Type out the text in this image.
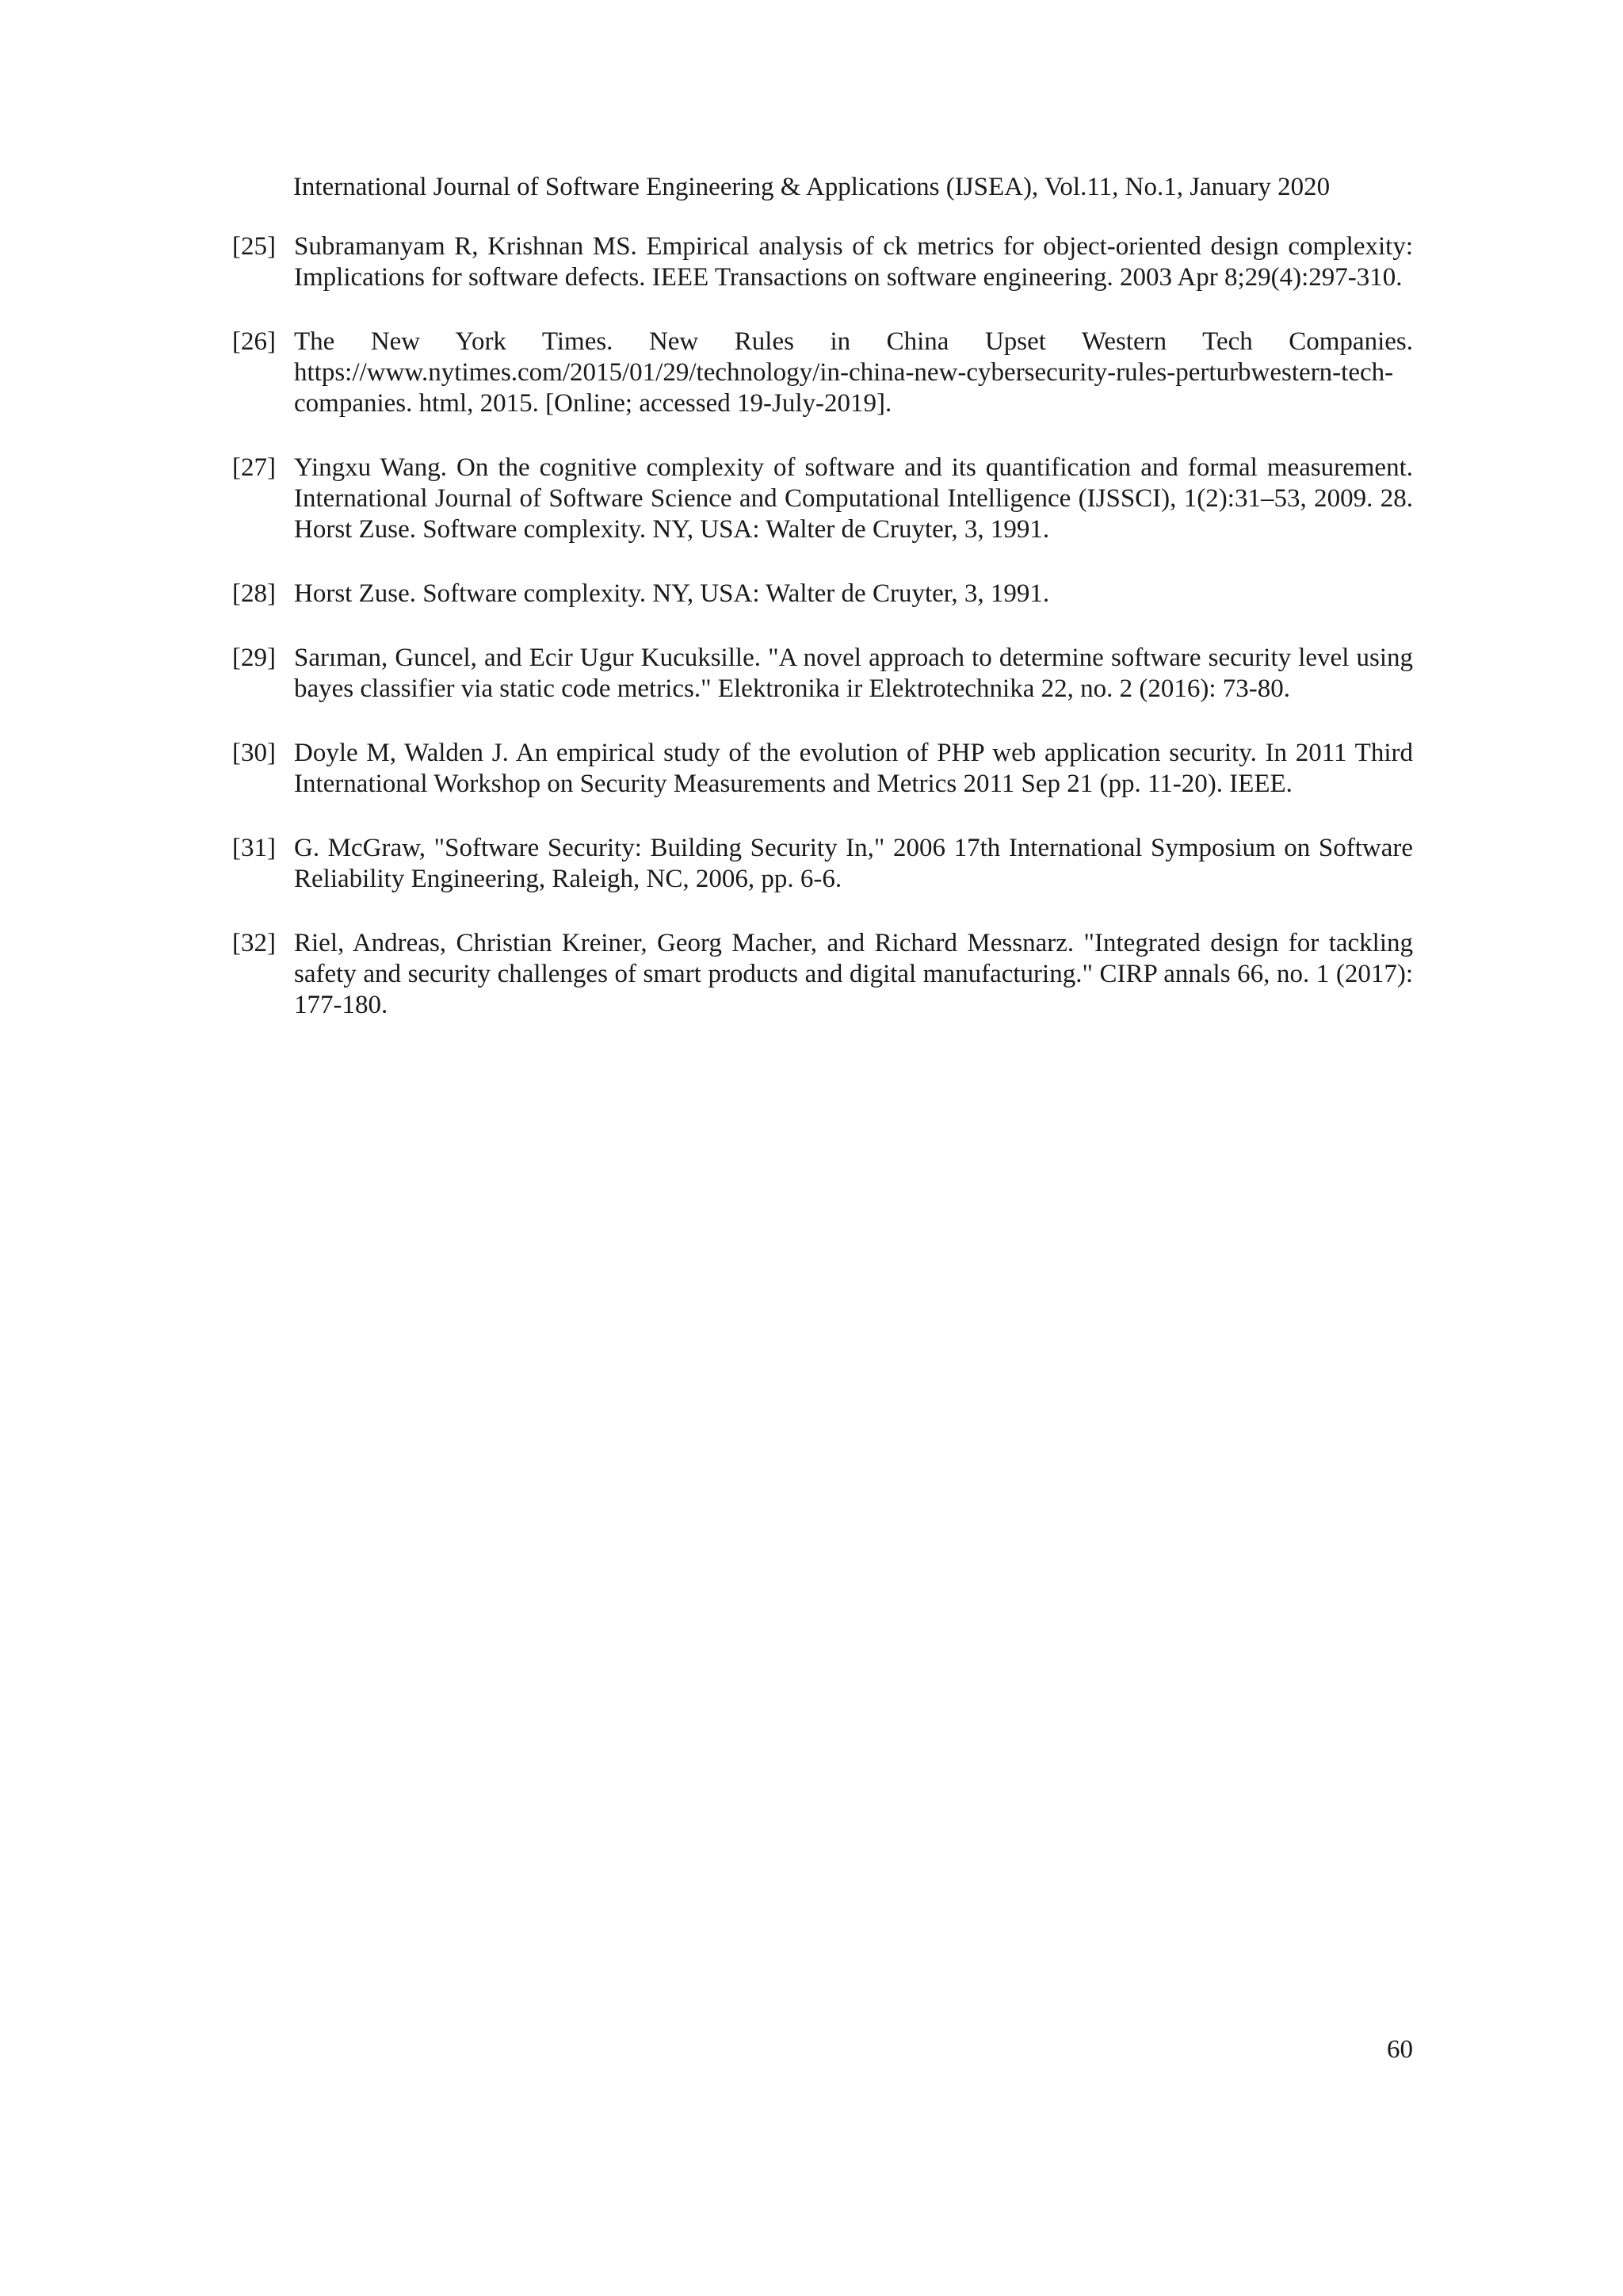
International Journal of Software Engineering & Applications (IJSEA), Vol.11, No.1, January 2020
[25] Subramanyam R, Krishnan MS. Empirical analysis of ck metrics for object-oriented design complexity: Implications for software defects. IEEE Transactions on software engineering. 2003 Apr 8;29(4):297-310.
[26] The New York Times. New Rules in China Upset Western Tech Companies. https://www.nytimes.com/2015/01/29/technology/in-china-new-cybersecurity-rules-perturbwestern-tech-companies. html, 2015. [Online; accessed 19-July-2019].
[27] Yingxu Wang. On the cognitive complexity of software and its quantification and formal measurement. International Journal of Software Science and Computational Intelligence (IJSSCI), 1(2):31–53, 2009. 28. Horst Zuse. Software complexity. NY, USA: Walter de Cruyter, 3, 1991.
[28] Horst Zuse. Software complexity. NY, USA: Walter de Cruyter, 3, 1991.
[29] Sarıman, Guncel, and Ecir Ugur Kucuksille. "A novel approach to determine software security level using bayes classifier via static code metrics." Elektronika ir Elektrotechnika 22, no. 2 (2016): 73-80.
[30] Doyle M, Walden J. An empirical study of the evolution of PHP web application security. In 2011 Third International Workshop on Security Measurements and Metrics 2011 Sep 21 (pp. 11-20). IEEE.
[31] G. McGraw, "Software Security: Building Security In," 2006 17th International Symposium on Software Reliability Engineering, Raleigh, NC, 2006, pp. 6-6.
[32] Riel, Andreas, Christian Kreiner, Georg Macher, and Richard Messnarz. "Integrated design for tackling safety and security challenges of smart products and digital manufacturing." CIRP annals 66, no. 1 (2017): 177-180.
60
